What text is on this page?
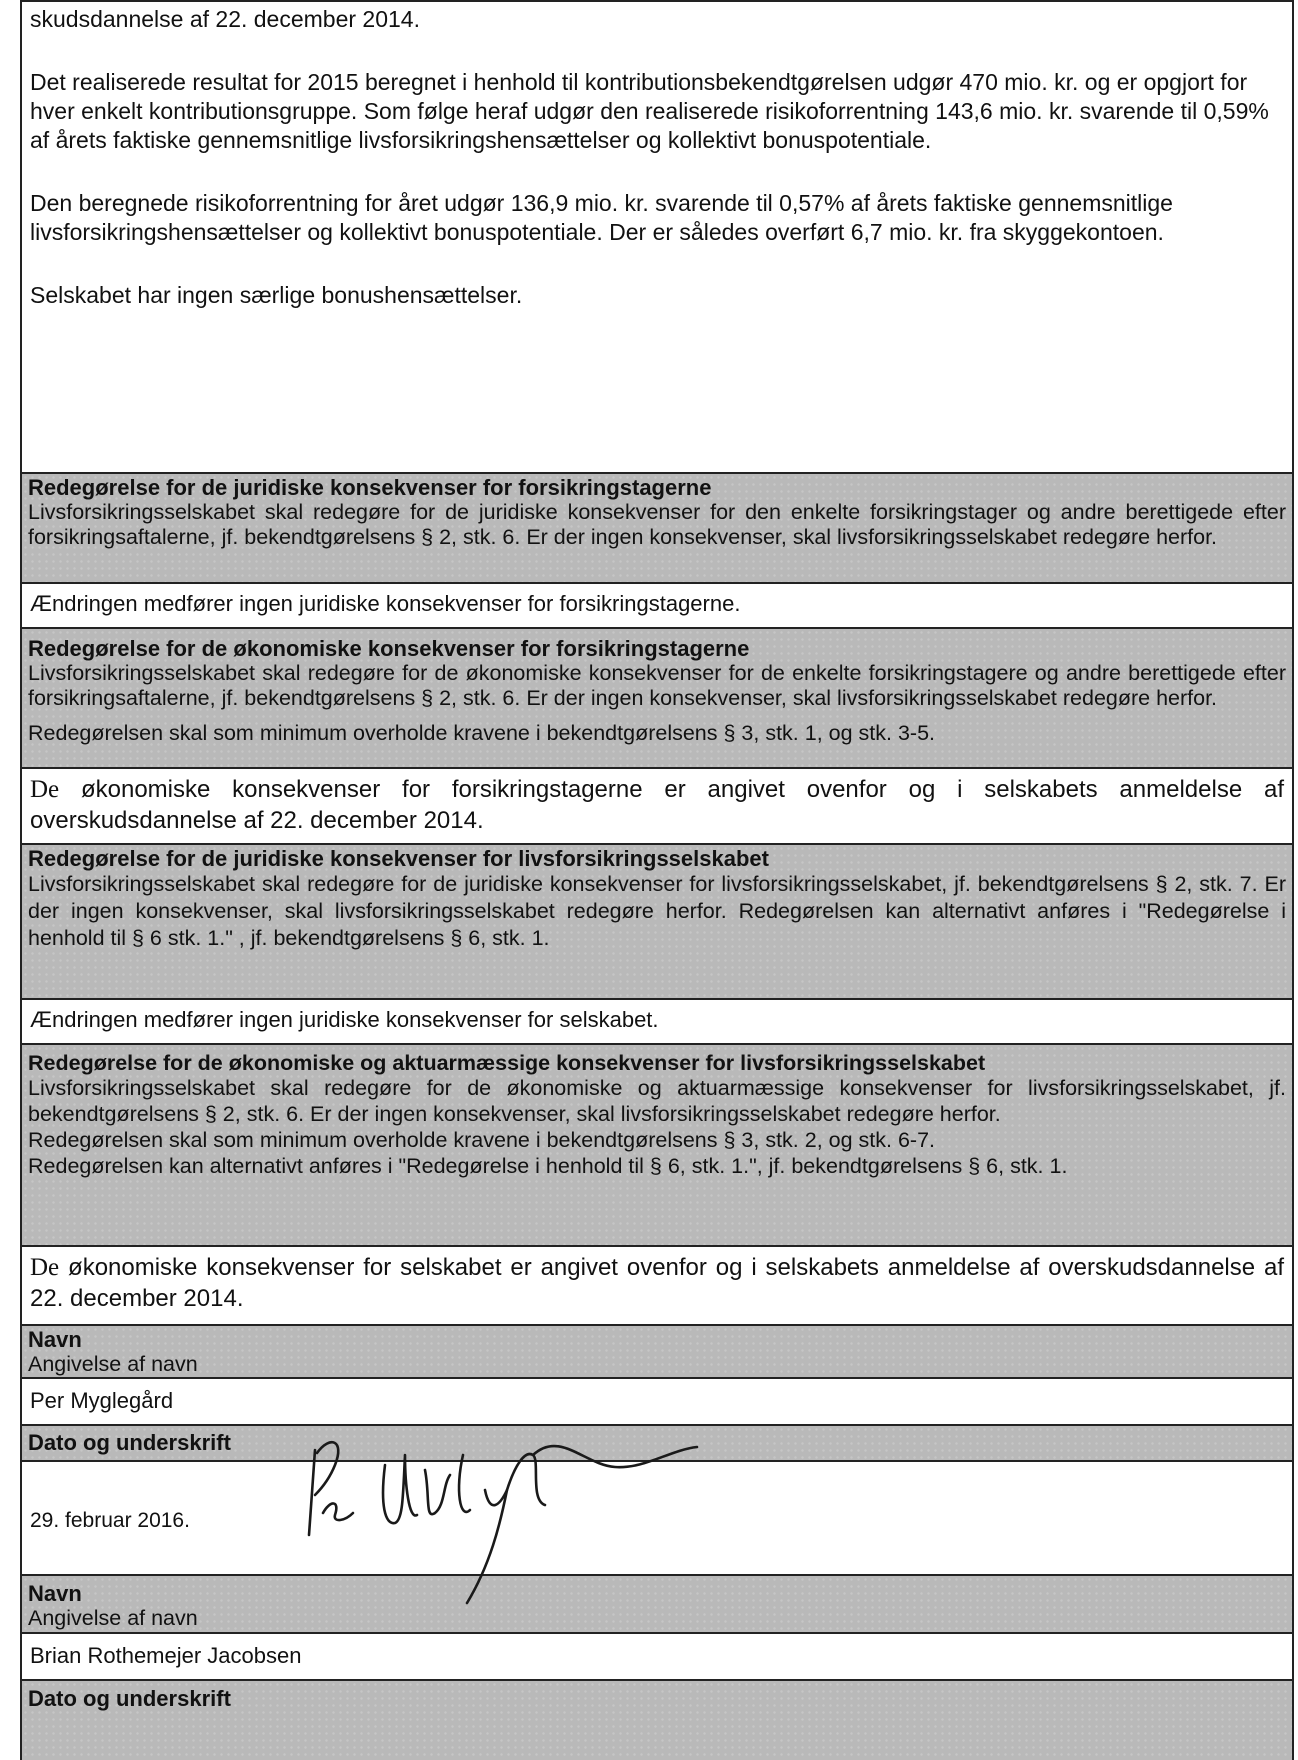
skudsdannelse af 22. december 2014.

Det realiserede resultat for 2015 beregnet i henhold til kontributionsbekendtgørelsen udgør 470 mio. kr. og er opgjort for hver enkelt kontributionsgruppe. Som følge heraf udgør den realiserede risikoforrentning 143,6 mio. kr. svarende til 0,59% af årets faktiske gennemsnitlige livsforsikringshensættelser og kollektivt bonuspotentiale.

Den beregnede risikoforrentning for året udgør 136,9 mio. kr. svarende til 0,57% af årets faktiske gennemsnitlige livsforsikringshensættelser og kollektivt bonuspotentiale. Der er således overført 6,7 mio. kr. fra skyggekontoen.

Selskabet har ingen særlige bonushensættelser.

Redegørelse for de juridiske konsekvenser for forsikringstagerne

Livsforsikringsselskabet skal redegøre for de juridiske konsekvenser for den enkelte forsikringstager og andre berettigede efter forsikringsaftalerne, jf. bekendtgørelsens § 2, stk. 6. Er der ingen konsekvenser, skal livsforsikringsselskabet redegøre herfor.

Ændringen medfører ingen juridiske konsekvenser for forsikringstagerne.

Redegørelse for de økonomiske konsekvenser for forsikringstagerne

Livsforsikringsselskabet skal redegøre for de økonomiske konsekvenser for de enkelte forsikringstagere og andre berettigede efter forsikringsaftalerne, jf. bekendtgørelsens § 2, stk. 6. Er der ingen konsekvenser, skal livsforsikringsselskabet redegøre herfor.

Redegørelsen skal som minimum overholde kravene i bekendtgørelsens § 3, stk. 1, og stk. 3-5.

De økonomiske konsekvenser for forsikringstagerne er angivet ovenfor og i selskabets anmeldelse af overskudsdannelse af 22. december 2014.

Redegørelse for de juridiske konsekvenser for livsforsikringsselskabet

Livsforsikringsselskabet skal redegøre for de juridiske konsekvenser for livsforsikringsselskabet, jf. bekendtgørelsens § 2, stk. 7. Er der ingen konsekvenser, skal livsforsikringsselskabet redegøre herfor. Redegørelsen kan alternativt anføres i "Redegørelse i henhold til § 6 stk. 1." , jf. bekendtgørelsens § 6, stk. 1.

Ændringen medfører ingen juridiske konsekvenser for selskabet.

Redegørelse for de økonomiske og aktuarmæssige konsekvenser for livsforsikringsselskabet

Livsforsikringsselskabet skal redegøre for de økonomiske og aktuarmæssige konsekvenser for livsforsikringsselskabet, jf. bekendtgørelsens § 2, stk. 6. Er der ingen konsekvenser, skal livsforsikringsselskabet redegøre herfor.

Redegørelsen skal som minimum overholde kravene i bekendtgørelsens § 3, stk. 2, og stk. 6-7.

Redegørelsen kan alternativt anføres i "Redegørelse i henhold til § 6, stk. 1.", jf. bekendtgørelsens § 6, stk. 1.

De økonomiske konsekvenser for selskabet er angivet ovenfor og i selskabets anmeldelse af overskudsdannelse af 22. december 2014.

Navn

Angivelse af navn

Per Myglegård

Dato og underskrift

29. februar 2016.

Navn

Angivelse af navn

Brian Rothemejer Jacobsen

Dato og underskrift
